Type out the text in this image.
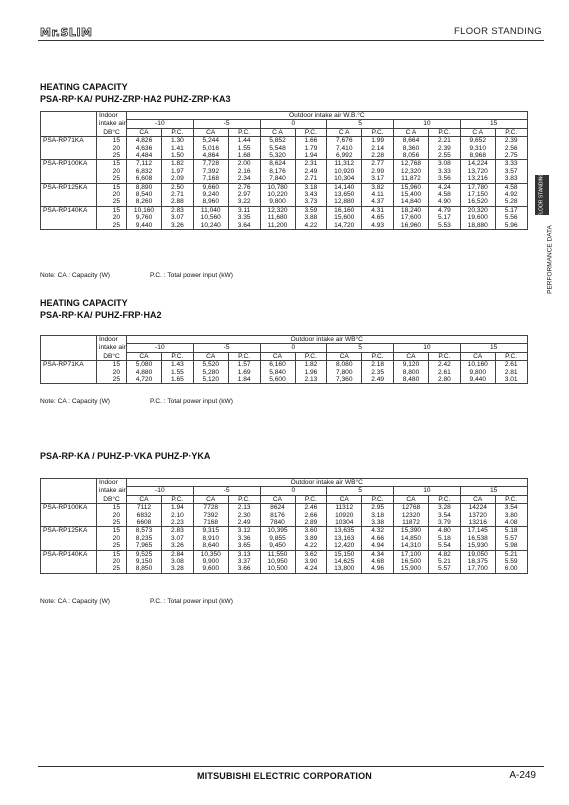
Mr.SLIM	FLOOR STANDING
FLOOR STANDING
PERFORMANCE DATA
HEATING CAPACITY
PSA-RP·KA/ PUHZ-ZRP·HA2 PUHZ-ZRP·KA3
	Indoor	Outdoor intake air W.B.°C											
	intake air	-10		-5		0		5		10		15	
	DB°C	CA	P.C.	CA	P.C.	C A	P.C.	C A	P.C.	C A	P.C.	C A	P.C.
PSA-RP71KA	15	4,826	1.30	5,244	1.44	5,852	1.66	7,676	1.99	8,664	2.21	9,652	2.39
	20	4,636	1.41	5,016	1.55	5,548	1.79	7,410	2.14	8,360	2.39	9,310	2.56
	25	4,484	1.50	4,864	1.68	5,320	1.94	6,992	2.28	8,056	2.55	8,968	2.75
PSA-RP100KA	15	7,112	1.82	7,728	2.00	8,624	2.31	11,312	2.77	12,768	3.08	14,224	3.33
	20	6,832	1.97	7,392	2.16	8,176	2.49	10,920	2.99	12,320	3.33	13,720	3.57
	25	6,608	2.09	7,168	2.34	7,840	2.71	10,304	3.17	11,872	3.56	13,216	3.83
PSA-RP125KA	15	8,890	2.50	9,660	2.76	10,780	3.18	14,140	3.82	15,960	4.24	17,780	4.58
	20	8,540	2.71	9,240	2.97	10,220	3.43	13,650	4.11	15,400	4.58	17,150	4.92
	25	8,260	2.88	8,960	3.22	9,800	3.73	12,880	4.37	14,840	4.90	16,520	5.28
PSA-RP140KA	15	10,160	2.83	11,040	3.11	12,320	3.59	16,160	4.31	18,240	4.79	20,320	5.17
	20	9,760	3.07	10,560	3.35	11,680	3.88	15,600	4.65	17,600	5.17	19,600	5.56
	25	9,440	3.26	10,240	3.64	11,200	4.22	14,720	4.93	16,960	5.53	18,880	5.96
Note: CA : Capacity (W)	P.C. : Total power input (kW)
HEATING CAPACITY
PSA-RP·KA/ PUHZ-FRP·HA2
	Indoor	Outdoor intake air WB°C											
	intake air	-10		-5		0		5		10		15	
	DB°C	CA	P.C.	CA	P.C.	CA	P.C.	CA	P.C.	CA	P.C.	CA	P.C.
PSA-RP71KA	15	5,080	1.43	5,520	1.57	6,160	1.82	8,080	2.18	9,120	2.42	10,160	2.61
	20	4,880	1.55	5,280	1.69	5,840	1.96	7,800	2.35	8,800	2.61	9,800	2.81
	25	4,720	1.65	5,120	1.84	5,600	2.13	7,360	2.49	8,480	2.80	9,440	3.01
Note: CA : Capacity (W)	P.C. : Total power input (kW)
PSA-RP·KA / PUHZ-P·VKA PUHZ-P·YKA
	Indoor	Outdoor intake air WB°C											
	intake air	-10		-5		0		5		10		15	
	DB°C	CA	P.C.	CA	P.C.	CA	P.C.	CA	P.C.	CA	P.C.	CA	P.C.
PSA-RP100KA	15	7112	1.94	7728	2.13	8624	2.46	11312	2.95	12768	3.28	14224	3.54
	20	6832	2.10	7392	2.30	8176	2.66	10920	3.18	12320	3.54	13720	3.80
	25	6608	2.23	7168	2.49	7840	2.89	10304	3.38	11872	3.79	13216	4.08
PSA-RP125KA	15	8,573	2.83	9,315	3.12	10,395	3.60	13,635	4.32	15,390	4.80	17,145	5.18
	20	8,235	3.07	8,910	3.36	9,855	3.89	13,163	4.66	14,850	5.18	16,538	5.57
	25	7,965	3.26	8,640	3.65	9,450	4.22	12,420	4.94	14,310	5.54	15,930	5.98
PSA-RP140KA	15	9,525	2.84	10,350	3.13	11,550	3.62	15,150	4.34	17,100	4.82	19,050	5.21
	20	9,150	3.08	9,900	3.37	10,950	3.90	14,625	4.68	16,500	5.21	18,375	5.59
	25	8,850	3.28	9,600	3.66	10,500	4.24	13,800	4.96	15,900	5.57	17,700	6.00
Note: CA : Capacity (W)	P.C. : Total power input (kW)
MITSUBISHI ELECTRIC CORPORATION	A-249
